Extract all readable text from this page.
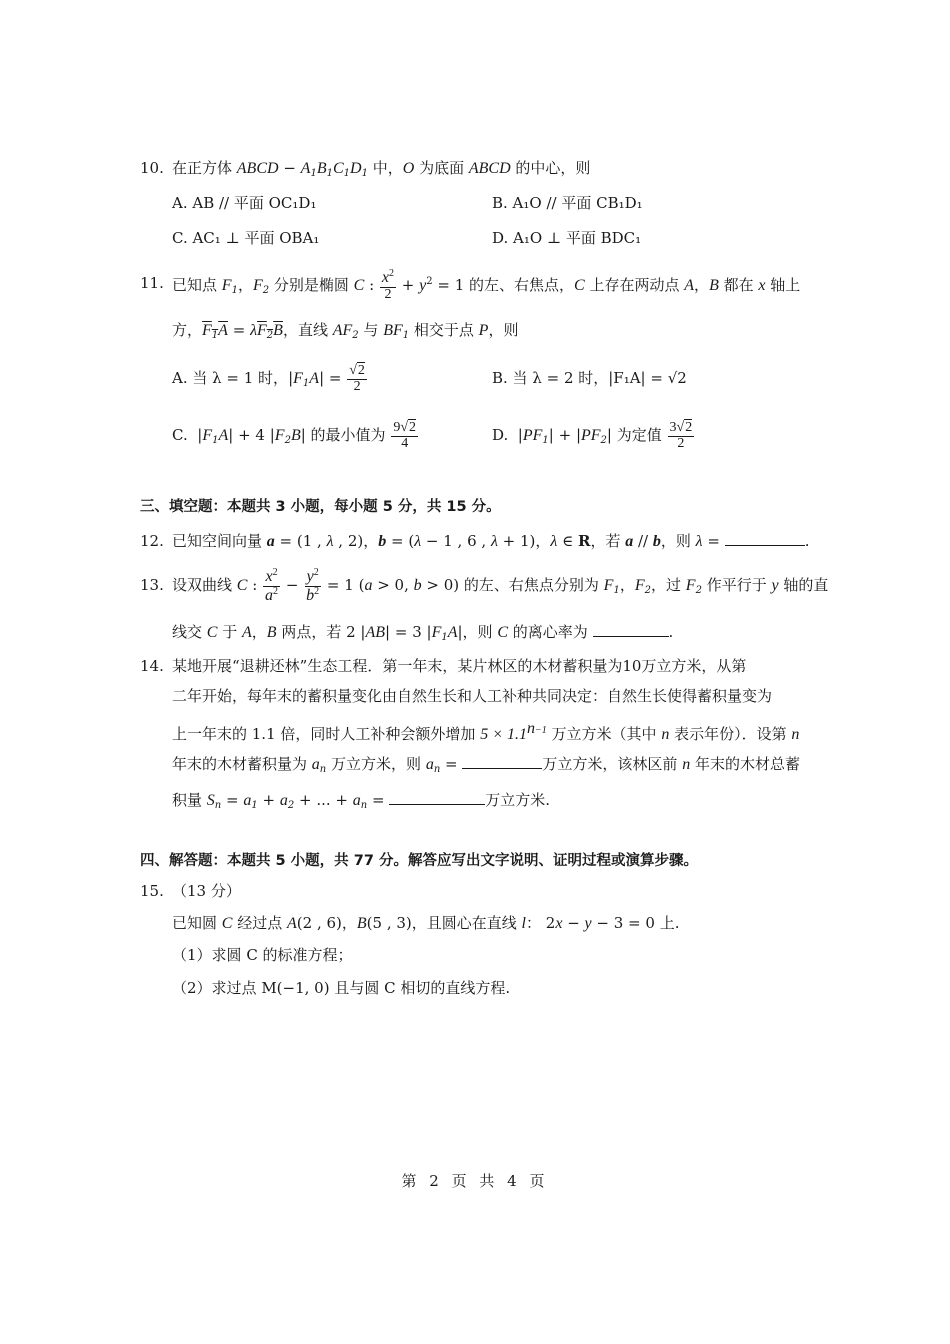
10. 在正方体 ABCD − $A_1B_1C_1D_1$ 中，O 为底面 ABCD 的中心，则
A. AB // 平面 OC₁D₁	B. A₁O // 平面 CB₁D₁
C. AC₁ ⊥ 平面 OBA₁	D. A₁O ⊥ 平面 BDC₁
11. 已知点 $F_1$，$F_2$ 分别是椭圆 C : $\frac{x^2}{2} + y^2 = 1$ 的左、右焦点，C 上存在两动点 A，B 都在 x 轴上
方，$F_1A = \lambda F_2B$，直线 $AF_2$ 与 $BF_1$ 相交于点 P，则
A. 当 λ = 1 时，$|F_1A| = \frac{√2}{2}$	B. 当 λ = 2 时，|F₁A| = √2
C.  $|F_1A| + 4$ $|F_2B|$ 的最小值为 $\frac{9√2}{4}$	D.  $|PF_1| + |PF_2|$ 为定值 $\frac{3√2}{2}$
三、填空题：本题共 3 小题，每小题 5 分，共 15 分。
12. 已知空间向量 a = (1 , λ , 2)，b = (λ − 1 , 6 , λ + 1)，λ ∈ R，若 a // b，则 λ =	.
13. 设双曲线 C : $\frac{x^2}{a^2} - \frac{y^2}{b^2} = 1$ (a > 0, b > 0) 的左、右焦点分别为 $F_1$，$F_2$，过 $F_2$ 作平行于 y 轴的直
线交 C 于 A，B 两点，若 2 |AB| = 3 $|F_1A|$，则 C 的离心率为	.
14. 某地开展“退耕还林”生态工程．第一年末，某片林区的木材蓄积量为10万立方米，从第
二年开始，每年末的蓄积量变化由自然生长和人工补种共同决定：自然生长使得蓄积量变为
上一年末的 1.1 倍，同时人工补种会额外增加 $5 \times 1.1^{n-1}$ 万立方米（其中 n 表示年份）．设第 n
年末的木材蓄积量为 $a_n$ 万立方米，则 $a_n$ =	万立方米，该林区前 n 年末的木材总蓄
积量 $S_n = a_1 + a_2$ + ... + $a_n$ =	万立方米.
四、解答题：本题共 5 小题，共 77 分。解答应写出文字说明、证明过程或演算步骤。
15. （13 分）
已知圆 C 经过点 A(2 , 6)，B(5 , 3)，且圆心在直线 l： 2x − y − 3 = 0 上.
（1）求圆 C 的标准方程；
（2）求过点 M(−1, 0) 且与圆 C 相切的直线方程.
第 2 页 共 4 页
